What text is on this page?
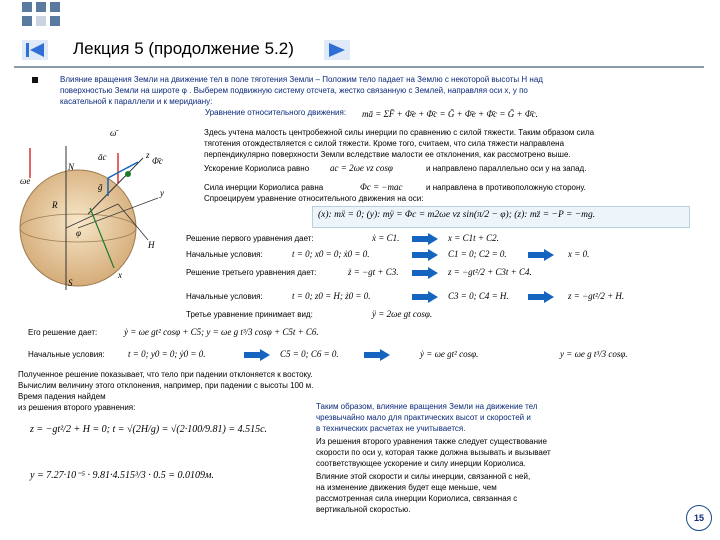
Лекция 5 (продолжение 5.2)
Влияние вращения Земли на движение тел в поле тяготения Земли – Положим тело падает на Землю с некоторой высоты H над
поверхностью Земли на широте φ . Выберем подвижную систему отсчета, жестко связанную с Землей, направляя оси x, y по
касательной к параллели и к меридиану:
Уравнение относительного движения: mā = ΣF̄ + Φ̄e + Φ̄c = Ḡ + Φ̄e + Φ̄c = Ḡ + Φ̄c.
ωe
N
S
R
φ
z
y
x
H
ḡ
āc	Φ̄c
ω̄	Здесь учтена малость центробежной силы инерции по сравнению с силой тяжести. Таким образом сила
тяготения отождествляется с силой тяжести. Кроме того, считаем, что сила тяжести направлена
перпендикулярно поверхности Земли вследствие малости ее отклонения, как рассмотрено выше.
Ускорение Кориолиса равно ac = 2ωe vz cosφ	и направлено параллельно оси y на запад.
Сила инерции Кориолиса равна	Φc = −mac	и направлена в противоположную сторону.
Спроецируем уравнение относительного движения на оси:
(x): mẍ = 0; (y): mÿ = Φc = m2ωe vz sin(π/2 − φ); (z): mz̈ = −P = −mg.
Решение первого уравнения дает:	ẋ = C1.	x = C1t + C2.
Начальные условия:	t = 0; x0 = 0; ẋ0 = 0.	C1 = 0; C2 = 0.	x = 0.
Решение третьего уравнения дает:	ż = −gt + C3.	z = −gt²/2 + C3t + C4.
Начальные условия:	t = 0; z0 = H; ż0 = 0.	C3 = 0; C4 = H.	z = −gt²/2 + H.
Третье уравнение принимает вид:	ÿ = 2ωe gt cosφ.
Его решение дает:	ẏ = ωe gt² cosφ + C5; y = ωe g t³/3 cosφ + C5t + C6.
Начальные условия:	t = 0; y0 = 0; ẏ0 = 0.	C5 = 0; C6 = 0.	ẏ = ωe gt² cosφ.	y = ωe g t³/3 cosφ.
Полученное решение показывает, что тело при падении отклоняется к востоку.
Вычислим величину этого отклонения, например, при падении с высоты 100 м.
Время падения найдем
из решения второго уравнения:
z = −gt²/2 + H = 0; t = √(2H/g) = √(2·100/9.81) = 4.515c.
y = 7.27·10⁻⁵ · 9.81·4.515³/3 · 0.5 = 0.0109м.
Таким образом, влияние вращения Земли на движение тел
чрезвычайно мало для практических высот и скоростей и
в технических расчетах не учитывается.
Из решения второго уравнения также следует существование
скорости по оси y, которая также должна вызывать и вызывает
соответствующее ускорение и силу инерции Кориолиса.
Влияние этой скорости и силы инерции, связанной с ней,
на изменение движения будет еще меньше, чем
рассмотренная сила инерции Кориолиса, связанная с
вертикальной скоростью.
15
